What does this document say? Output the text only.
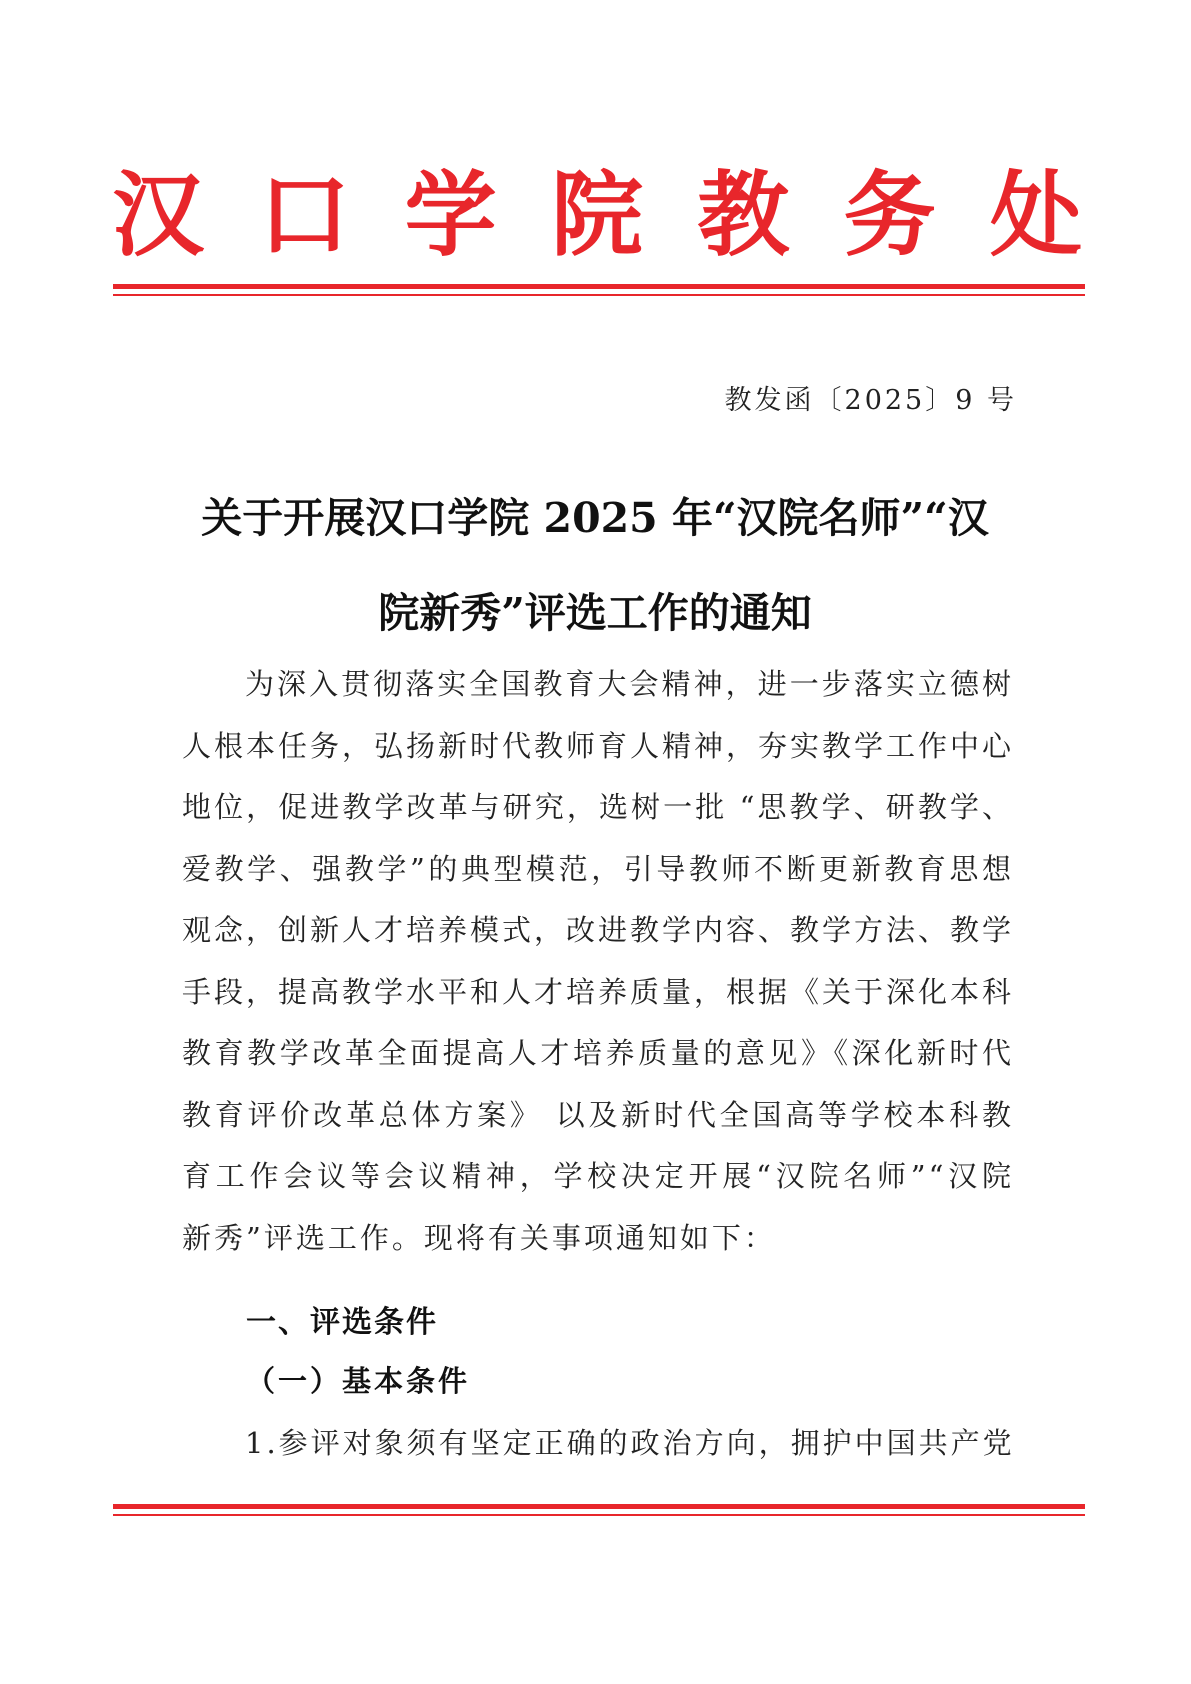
汉 口 学 院 教 务 处
教发函〔2025〕9 号
关于开展汉口学院 2025 年“汉院名师”“汉
院新秀”评选工作的通知
为深入贯彻落实全国教育大会精神，进一步落实立德树
人根本任务，弘扬新时代教师育人精神，夯实教学工作中心
地位，促进教学改革与研究，选树一批 “思教学、研教学、
爱教学、强教学”的典型模范，引导教师不断更新教育思想
观念，创新人才培养模式，改进教学内容、教学方法、教学
手段，提高教学水平和人才培养质量，根据《关于深化本科
教育教学改革全面提高人才培养质量的意见》《深化新时代
教育评价改革总体方案》 以及新时代全国高等学校本科教
育工作会议等会议精神，学校决定开展“汉院名师”“汉院
新秀”评选工作。现将有关事项通知如下：
一、评选条件
（一）基本条件
1.参评对象须有坚定正确的政治方向，拥护中国共产党
